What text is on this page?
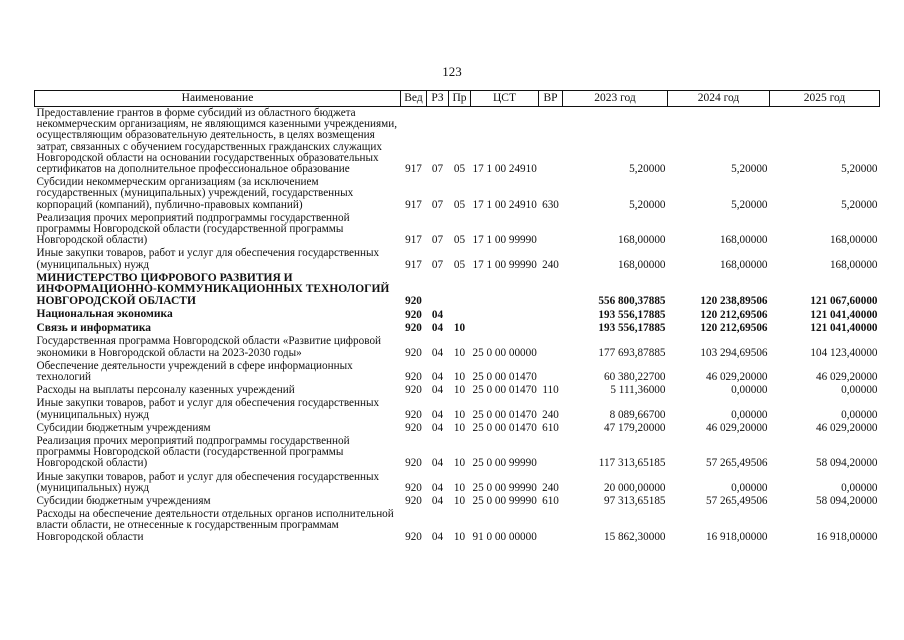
123
Наименование	Вед	РЗ	Пр	ЦСТ	ВР	2023 год	2024 год	2025 год
Предоставление грантов в форме субсидий из областного бюджета некоммерческим организациям, не являющимся казенными учреждениями, осуществляющим образовательную деятельность, в целях возмещения затрат, связанных с обучением государственных гражданских служащих Новгородской области на основании государственных образовательных сертификатов на дополнительное профессиональное образование	917	07	05	17 1 00 24910		5,20000	5,20000	5,20000
Субсидии некоммерческим организациям (за исключением государственных (муниципальных) учреждений, государственных корпораций (компаний), публично-правовых компаний)	917	07	05	17 1 00 24910	630	5,20000	5,20000	5,20000
Реализация прочих мероприятий подпрограммы государственной программы Новгородской области (государственной программы Новгородской области)	917	07	05	17 1 00 99990		168,00000	168,00000	168,00000
Иные закупки товаров, работ и услуг для обеспечения государственных (муниципальных) нужд	917	07	05	17 1 00 99990	240	168,00000	168,00000	168,00000
МИНИСТЕРСТВО ЦИФРОВОГО РАЗВИТИЯ И ИНФОРМАЦИОННО-КОММУНИКАЦИОННЫХ ТЕХНОЛОГИЙ НОВГОРОДСКОЙ ОБЛАСТИ	920					556 800,37885	120 238,89506	121 067,60000
Национальная экономика	920	04				193 556,17885	120 212,69506	121 041,40000
Связь и информатика	920	04	10			193 556,17885	120 212,69506	121 041,40000
Государственная программа Новгородской области «Развитие цифровой экономики в Новгородской области на 2023-2030 годы»	920	04	10	25 0 00 00000		177 693,87885	103 294,69506	104 123,40000
Обеспечение деятельности учреждений в сфере информационных технологий	920	04	10	25 0 00 01470		60 380,22700	46 029,20000	46 029,20000
Расходы на выплаты персоналу казенных учреждений	920	04	10	25 0 00 01470	110	5 111,36000	0,00000	0,00000
Иные закупки товаров, работ и услуг для обеспечения государственных (муниципальных) нужд	920	04	10	25 0 00 01470	240	8 089,66700	0,00000	0,00000
Субсидии бюджетным учреждениям	920	04	10	25 0 00 01470	610	47 179,20000	46 029,20000	46 029,20000
Реализация прочих мероприятий подпрограммы государственной программы Новгородской области (государственной программы Новгородской области)	920	04	10	25 0 00 99990		117 313,65185	57 265,49506	58 094,20000
Иные закупки товаров, работ и услуг для обеспечения государственных (муниципальных) нужд	920	04	10	25 0 00 99990	240	20 000,00000	0,00000	0,00000
Субсидии бюджетным учреждениям	920	04	10	25 0 00 99990	610	97 313,65185	57 265,49506	58 094,20000
Расходы на обеспечение деятельности отдельных органов исполнительной власти области, не отнесенные к государственным программам Новгородской области	920	04	10	91 0 00 00000		15 862,30000	16 918,00000	16 918,00000
